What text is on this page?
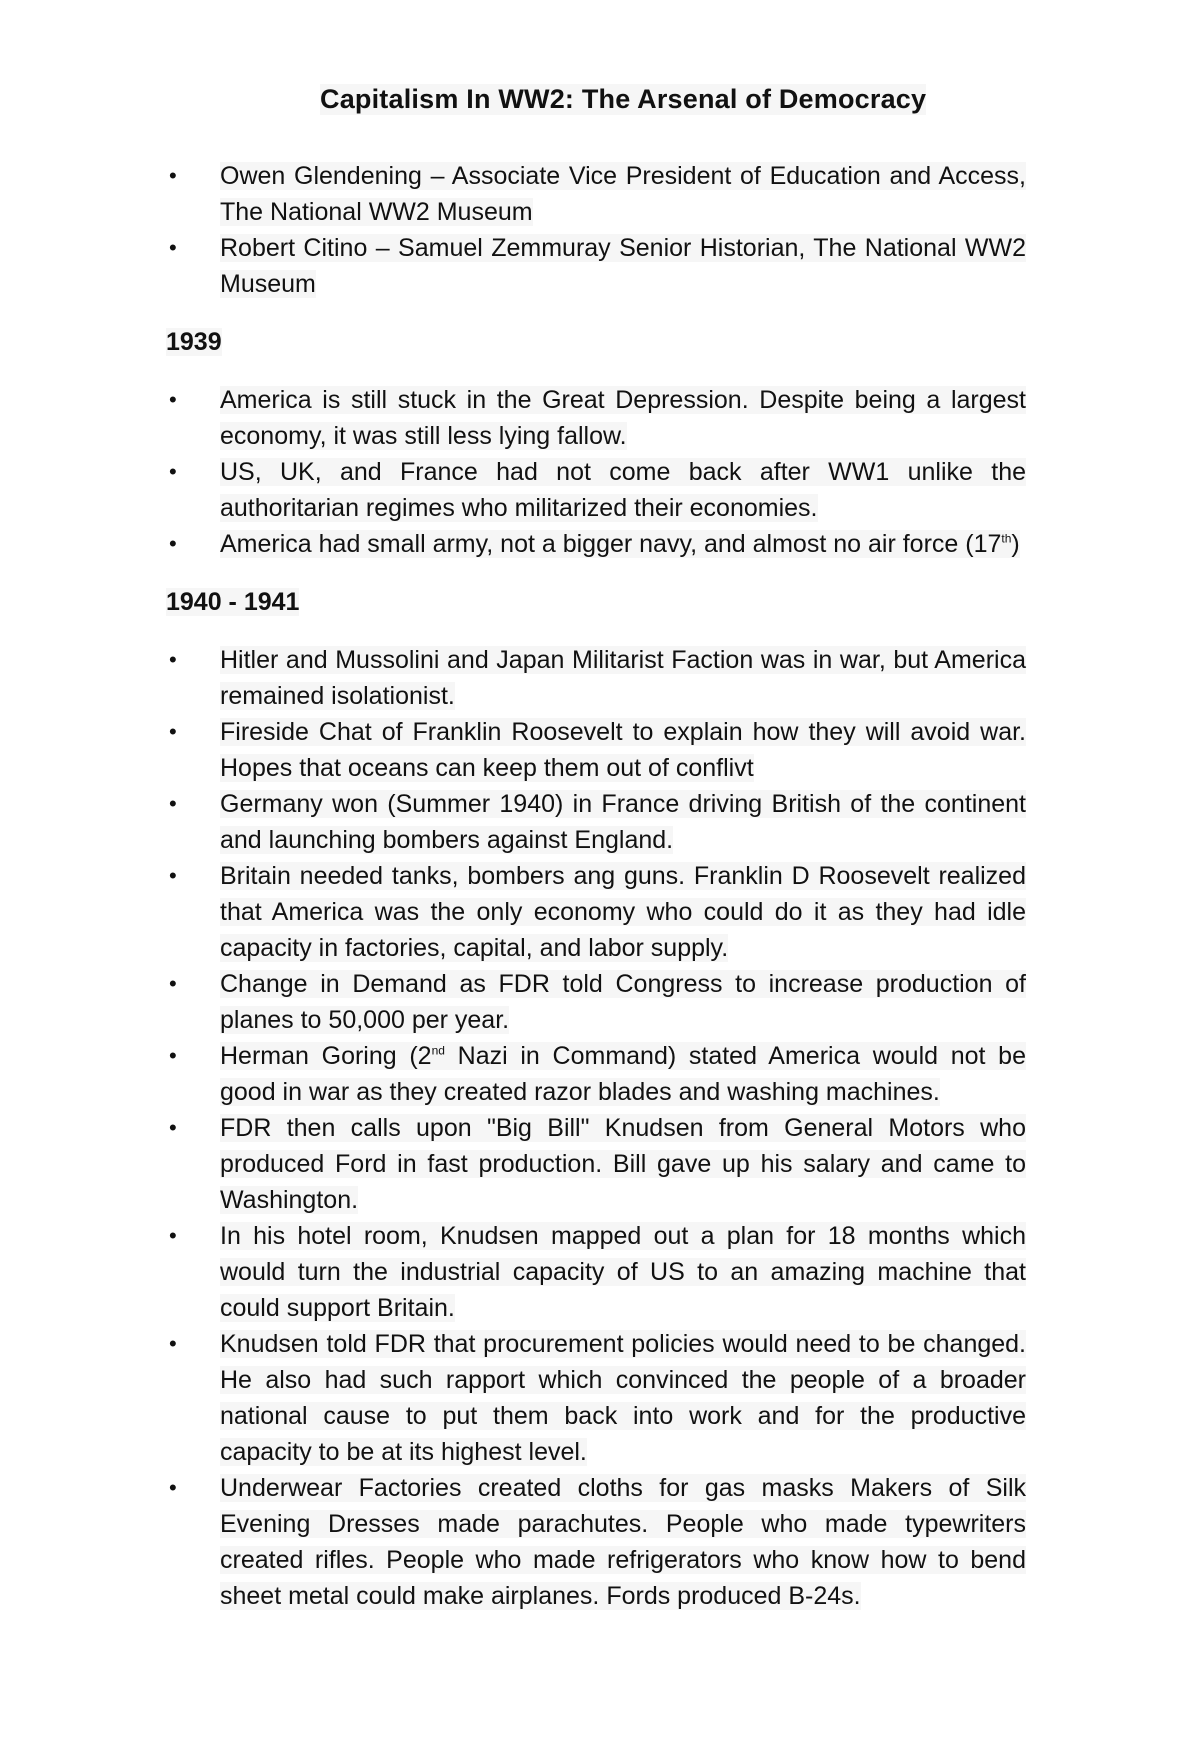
Capitalism In WW2: The Arsenal of Democracy
•	Owen Glendening – Associate Vice President of Education and Access, The National WW2 Museum
•	Robert Citino – Samuel Zemmuray Senior Historian, The National WW2 Museum
1939
•	America is still stuck in the Great Depression. Despite being a largest economy, it was still less lying fallow.
•	US, UK, and France had not come back after WW1 unlike the authoritarian regimes who militarized their economies.
•	America had small army, not a bigger navy, and almost no air force (17th)
1940 - 1941
•	Hitler and Mussolini and Japan Militarist Faction was in war, but America remained isolationist.
•	Fireside Chat of Franklin Roosevelt to explain how they will avoid war. Hopes that oceans can keep them out of conflivt
•	Germany won (Summer 1940) in France driving British of the continent and launching bombers against England.
•	Britain needed tanks, bombers ang guns. Franklin D Roosevelt realized that America was the only economy who could do it as they had idle capacity in factories, capital, and labor supply.
•	Change in Demand as FDR told Congress to increase production of planes to 50,000 per year.
•	Herman Goring (2nd Nazi in Command) stated America would not be good in war as they created razor blades and washing machines.
•	FDR then calls upon "Big Bill" Knudsen from General Motors who produced Ford in fast production. Bill gave up his salary and came to Washington.
•	In his hotel room, Knudsen mapped out a plan for 18 months which would turn the industrial capacity of US to an amazing machine that could support Britain.
•	Knudsen told FDR that procurement policies would need to be changed. He also had such rapport which convinced the people of a broader national cause to put them back into work and for the productive capacity to be at its highest level.
•	Underwear Factories created cloths for gas masks Makers of Silk Evening Dresses made parachutes. People who made typewriters created rifles. People who made refrigerators who know how to bend sheet metal could make airplanes. Fords produced B-24s.
